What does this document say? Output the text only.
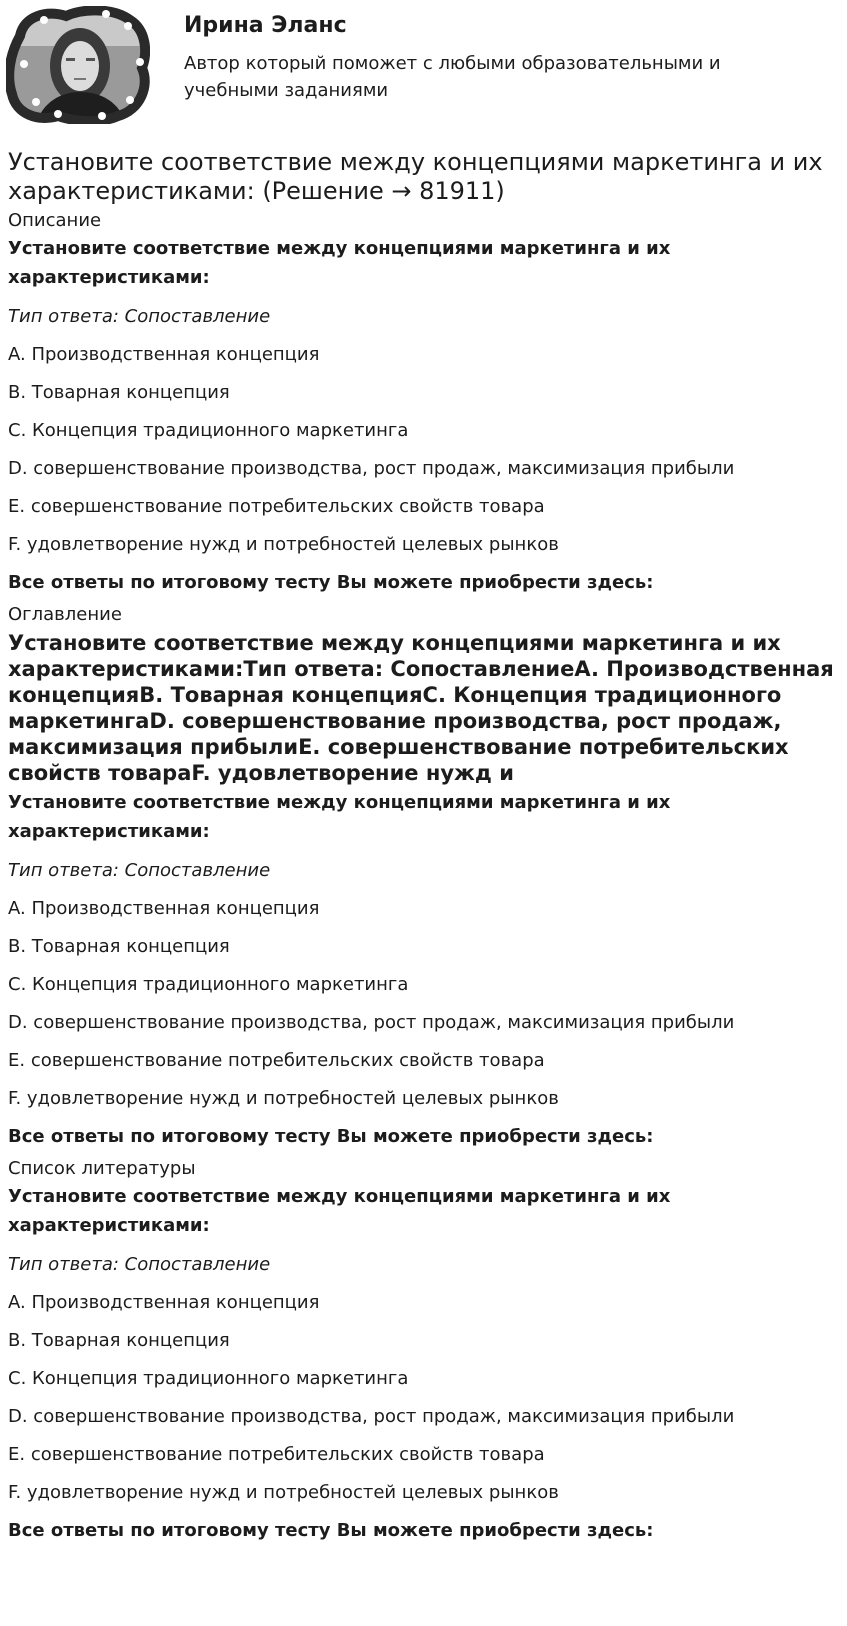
Ирина Эланс

Автор который поможет с любыми образовательными и учебными заданиями

Установите соответствие между концепциями маркетинга и их характеристиками: (Решение → 81911)
Описание

Установите соответствие между концепциями маркетинга и их характеристиками:

Тип ответа: Сопоставление

A. Производственная концепция

B. Товарная концепция

C. Концепция традиционного маркетинга

D. совершенствование производства, рост продаж, максимизация прибыли

E. совершенствование потребительских свойств товара

F. удовлетворение нужд и потребностей целевых рынков

Все ответы по итоговому тесту Вы можете приобрести здесь:

Оглавление
Установите соответствие между концепциями маркетинга и их характеристиками:Тип ответа: СопоставлениеA. Производственная концепцияB. Товарная концепцияC. Концепция традиционного маркетингаD. совершенствование производства, рост продаж, максимизация прибылиE. совершенствование потребительских свойств товараF. удовлетворение нужд и

Установите соответствие между концепциями маркетинга и их характеристиками:

Тип ответа: Сопоставление

A. Производственная концепция

B. Товарная концепция

C. Концепция традиционного маркетинга

D. совершенствование производства, рост продаж, максимизация прибыли

E. совершенствование потребительских свойств товара

F. удовлетворение нужд и потребностей целевых рынков

Все ответы по итоговому тесту Вы можете приобрести здесь:

Список литературы

Установите соответствие между концепциями маркетинга и их характеристиками:

Тип ответа: Сопоставление

A. Производственная концепция

B. Товарная концепция

C. Концепция традиционного маркетинга

D. совершенствование производства, рост продаж, максимизация прибыли

E. совершенствование потребительских свойств товара

F. удовлетворение нужд и потребностей целевых рынков

Все ответы по итоговому тесту Вы можете приобрести здесь:
